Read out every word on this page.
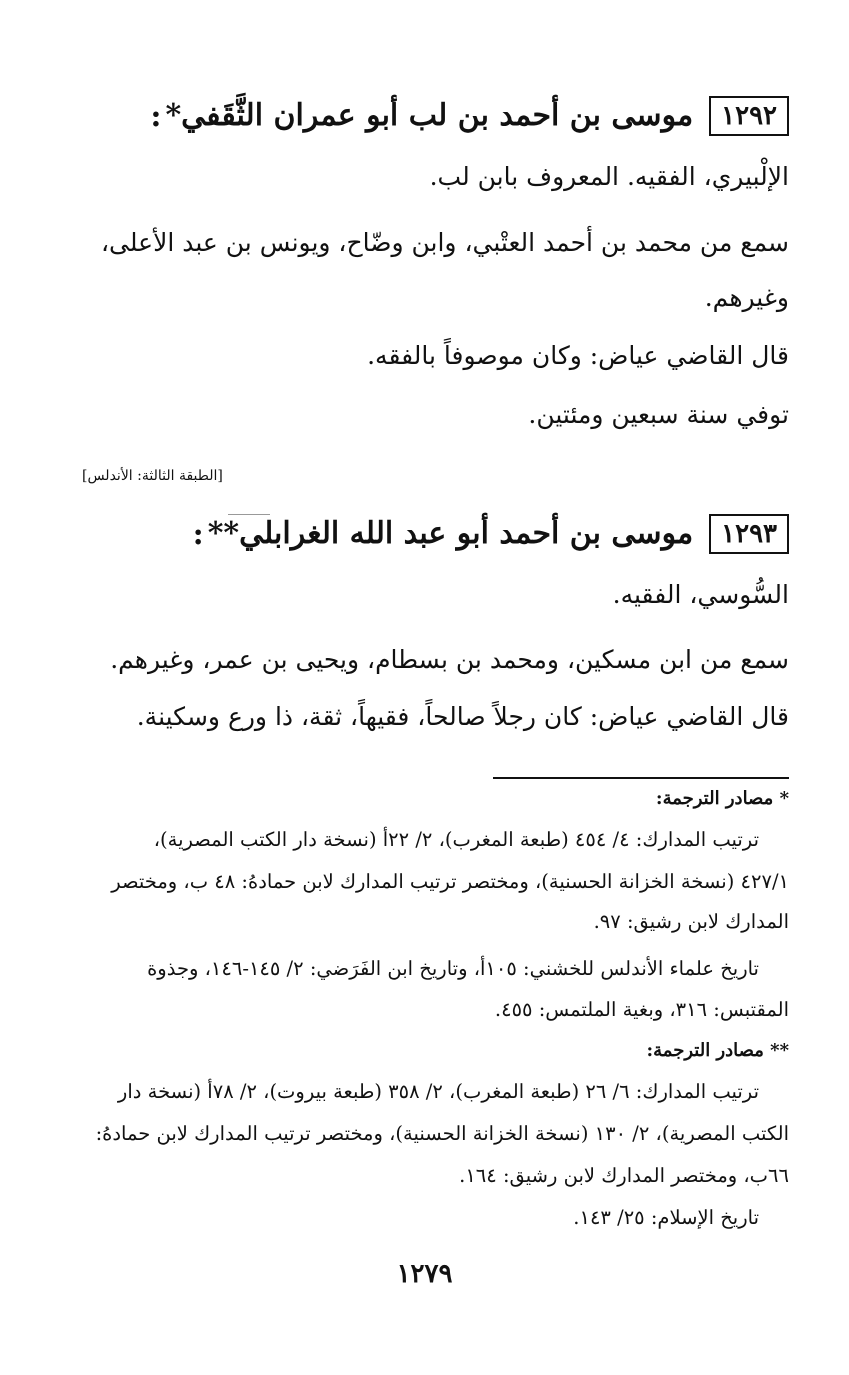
١٢٩٢
موسى بن أحمد بن لب أبو عمران الثَّقَفي
*
:
الإلْبيري، الفقيه. المعروف بابن لب.
سمع من محمد بن أحمد العتْبي، وابن وضّاح، ويونس بن عبد الأعلى،
وغيرهم.
قال القاضي عياض: وكان موصوفاً بالفقه.
توفي سنة سبعين ومئتين.
[الطبقة الثالثة: الأندلس]
١٢٩٣
موسى بن أحمد أبو عبد الله الغرابلي
**
:
السُّوسي، الفقيه.
سمع من ابن مسكين، ومحمد بن بسطام، ويحيى بن عمر، وغيرهم.
قال القاضي عياض: كان رجلاً صالحاً، فقيهاً، ثقة، ذا ورع وسكينة.
* مصادر الترجمة:
ترتيب المدارك: ٤/ ٤٥٤ (طبعة المغرب)، ٢/ ٢٢أ (نسخة دار الكتب المصرية)،
٤٢٧/١ (نسخة الخزانة الحسنية)، ومختصر ترتيب المدارك لابن حمادهُ: ٤٨ ب، ومختصر
المدارك لابن رشيق: ٩٧.
تاريخ علماء الأندلس للخشني: ١٠٥أ، وتاريخ ابن الفَرَضي: ٢/ ١٤٥-١٤٦، وجذوة
المقتبس: ٣١٦، وبغية الملتمس: ٤٥٥.
** مصادر الترجمة:
ترتيب المدارك: ٦/ ٢٦ (طبعة المغرب)، ٢/ ٣٥٨ (طبعة بيروت)، ٢/ ٧٨أ (نسخة دار
الكتب المصرية)، ٢/ ١٣٠ (نسخة الخزانة الحسنية)، ومختصر ترتيب المدارك لابن حمادهُ:
٦٦ب، ومختصر المدارك لابن رشيق: ١٦٤.
تاريخ الإسلام: ٢٥/ ١٤٣.
١٢٧٩
